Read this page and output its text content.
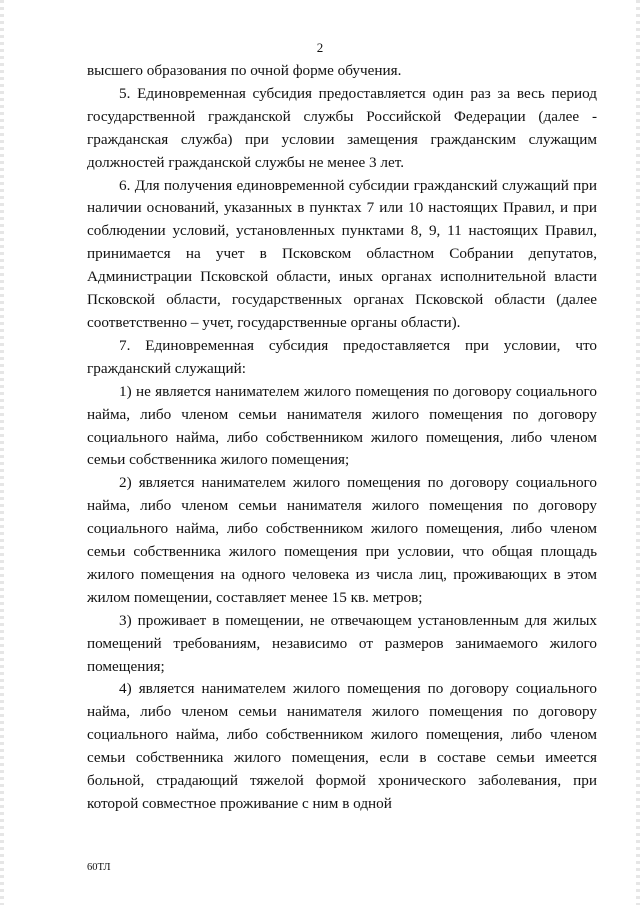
2

высшего образования по очной форме обучения.

5. Единовременная субсидия предоставляется один раз за весь период государственной гражданской службы Российской Федерации (далее - гражданская служба) при условии замещения гражданским служащим должностей гражданской службы не менее 3 лет.

6. Для получения единовременной субсидии гражданский служащий при наличии оснований, указанных в пунктах 7 или 10 настоящих Правил, и при соблюдении условий, установленных пунктами 8, 9, 11 настоящих Правил, принимается на учет в Псковском областном Собрании депутатов, Администрации Псковской области, иных органах исполнительной власти Псковской области, государственных органах Псковской области (далее соответственно – учет, государственные органы области).

7. Единовременная субсидия предоставляется при условии, что гражданский служащий:

1) не является нанимателем жилого помещения по договору социального найма, либо членом семьи нанимателя жилого помещения по договору социального найма, либо собственником жилого помещения, либо членом семьи собственника жилого помещения;

2) является нанимателем жилого помещения по договору социального найма, либо членом семьи нанимателя жилого помещения по договору социального найма, либо собственником жилого помещения, либо членом семьи собственника жилого помещения при условии, что общая площадь жилого помещения на одного человека из числа лиц, проживающих в этом жилом помещении, составляет менее 15 кв. метров;

3) проживает в помещении, не отвечающем установленным для жилых помещений требованиям, независимо от размеров занимаемого жилого помещения;

4) является нанимателем жилого помещения по договору социального найма, либо членом семьи нанимателя жилого помещения по договору социального найма, либо собственником жилого помещения, либо членом семьи собственника жилого помещения, если в составе семьи имеется больной, страдающий тяжелой формой хронического заболевания, при которой совместное проживание с ним в одной

60ТЛ
